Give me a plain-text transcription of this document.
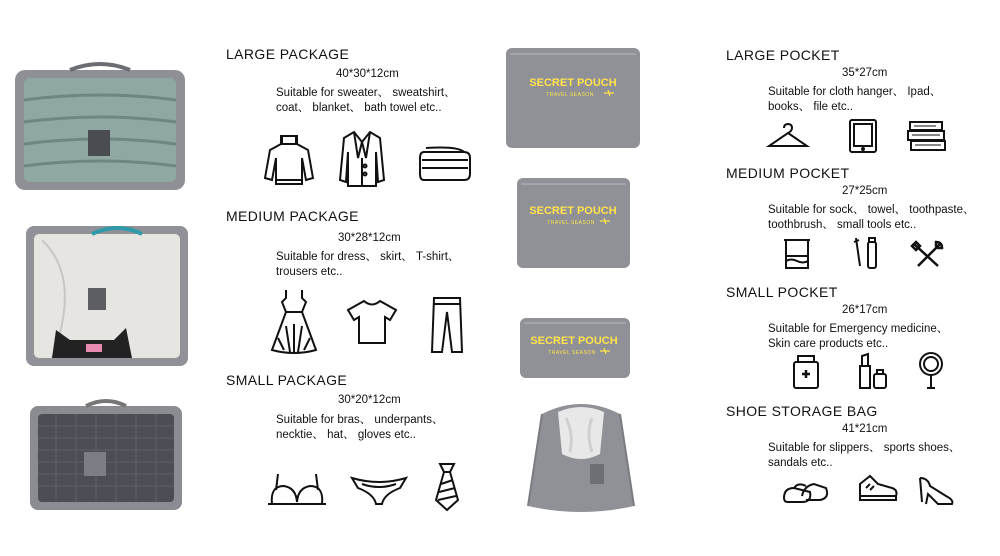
LARGE PACKAGE
40*30*12cm
Suitable for sweater、 sweatshirt、
coat、 blanket、 bath towel etc..
MEDIUM PACKAGE
30*28*12cm
Suitable for dress、 skirt、 T-shirt、
trousers etc..
SMALL PACKAGE
30*20*12cm
Suitable for bras、 underpants、
necktie、 hat、 gloves etc..
SECRET POUCH
TRAVEL SEASON
SECRET POUCH
TRAVEL SEASON
SECRET POUCH
TRAVEL SEASON
LARGE POCKET
35*27cm
Suitable for cloth hanger、 Ipad、
books、 file etc..
MEDIUM POCKET
27*25cm
Suitable for sock、 towel、 toothpaste、
toothbrush、 small tools etc..
SMALL POCKET
26*17cm
Suitable for Emergency medicine、
Skin care products etc..
SHOE STORAGE BAG
41*21cm
Suitable for slippers、 sports shoes、
sandals etc..
